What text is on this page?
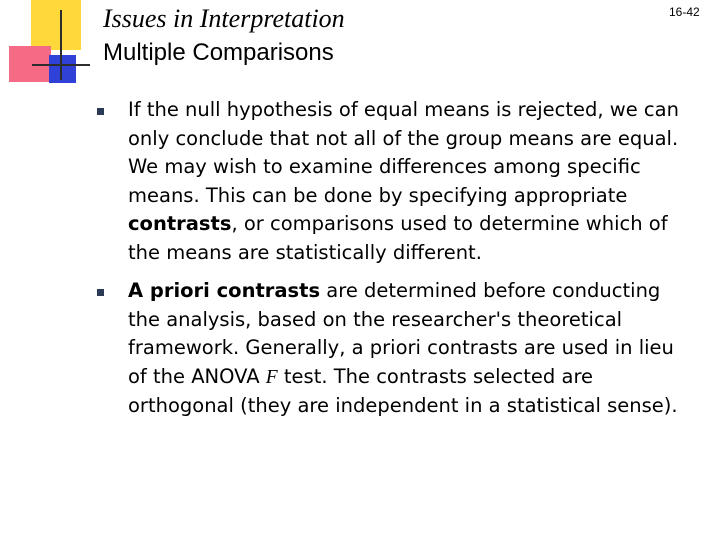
Issues in Interpretation
Multiple Comparisons
16-42
If the null hypothesis of equal means is rejected, we can only conclude that not all of the group means are equal. We may wish to examine differences among specific means. This can be done by specifying appropriate contrasts, or comparisons used to determine which of the means are statistically different.
A priori contrasts are determined before conducting the analysis, based on the researcher's theoretical framework. Generally, a priori contrasts are used in lieu of the ANOVA F test. The contrasts selected are orthogonal (they are independent in a statistical sense).
